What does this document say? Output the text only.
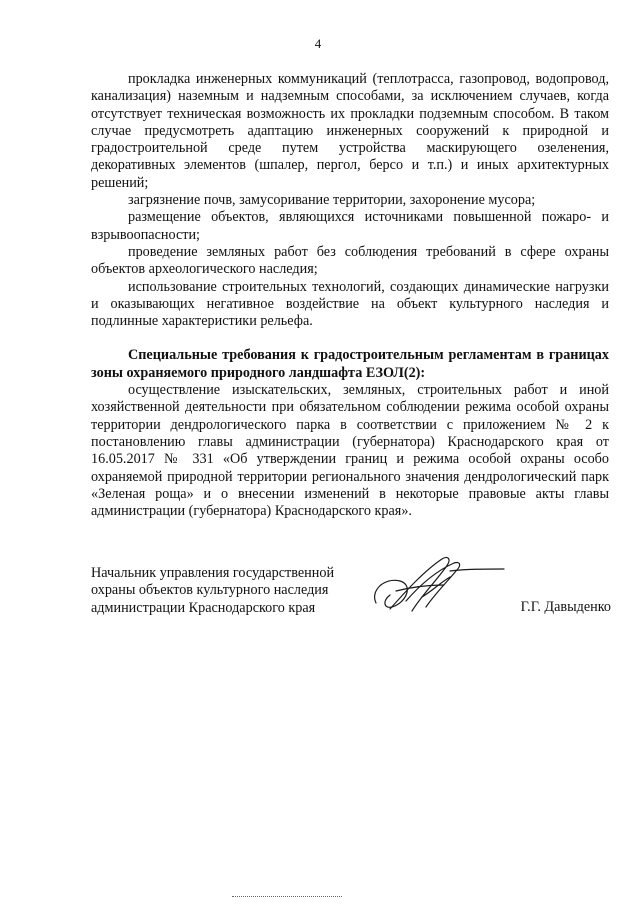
4

прокладка инженерных коммуникаций (теплотрасса, газопровод, водопровод, канализация) наземным и надземным способами, за исключением случаев, когда отсутствует техническая возможность их прокладки подземным способом. В таком случае предусмотреть адаптацию инженерных сооружений к природной и градостроительной среде путем устройства маскирующего озеленения, декоративных элементов (шпалер, пергол, берсо и т.п.) и иных архитектурных решений;

загрязнение почв, замусоривание территории, захоронение мусора;

размещение объектов, являющихся источниками повышенной пожаро- и взрывоопасности;

проведение земляных работ без соблюдения требований в сфере охраны объектов археологического наследия;

использование строительных технологий, создающих динамические нагрузки и оказывающих негативное воздействие на объект культурного наследия и подлинные характеристики рельефа.

Специальные требования к градостроительным регламентам в границах зоны охраняемого природного ландшафта ЕЗОЛ(2):

осуществление изыскательских, земляных, строительных работ и иной хозяйственной деятельности при обязательном соблюдении режима особой охраны территории дендрологического парка в соответствии с приложением № 2 к постановлению главы администрации (губернатора) Краснодарского края от 16.05.2017 № 331 «Об утверждении границ и режима особой охраны особо охраняемой природной территории регионального значения дендрологический парк «Зеленая роща» и о внесении изменений в некоторые правовые акты главы администрации (губернатора) Краснодарского края».

Начальник управления государственной
охраны объектов культурного наследия
администрации Краснодарского края	Г.Г. Давыденко
